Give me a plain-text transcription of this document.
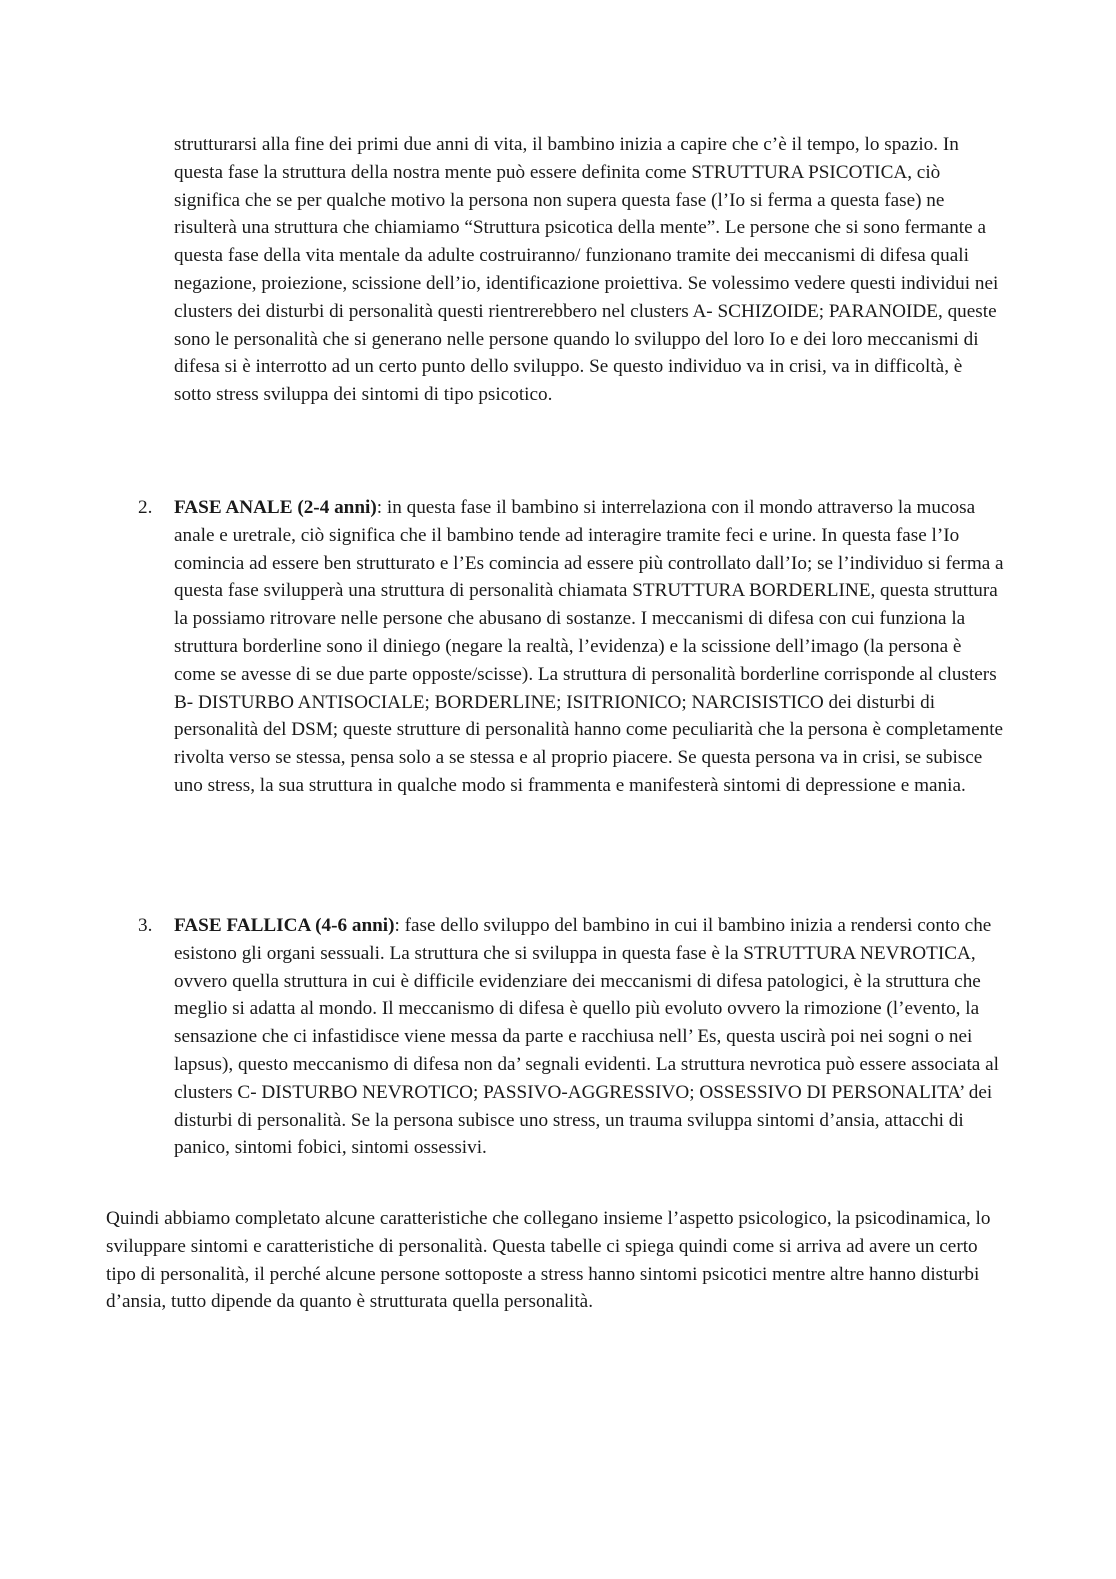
strutturarsi alla fine dei primi due anni di vita, il bambino inizia a capire che c’è il tempo, lo spazio. In questa fase la struttura della nostra mente può essere definita come STRUTTURA PSICOTICA, ciò significa che se per qualche motivo la persona non supera questa fase (l’Io si ferma a questa fase) ne risulterà una struttura che chiamiamo “Struttura psicotica della mente”. Le persone che si sono fermante a questa fase della vita mentale da adulte costruiranno/ funzionano tramite dei meccanismi di difesa quali negazione, proiezione, scissione dell’io, identificazione proiettiva. Se volessimo vedere questi individui nei clusters dei disturbi di personalità questi rientrerebbero nel clusters A- SCHIZOIDE; PARANOIDE, queste sono le personalità che si generano nelle persone quando lo sviluppo del loro Io e dei loro meccanismi di difesa si è interrotto ad un certo punto dello sviluppo. Se questo individuo va in crisi, va in difficoltà, è sotto stress sviluppa dei sintomi di tipo psicotico.

2.	FASE ANALE (2-4 anni): in questa fase il bambino si interrelaziona con il mondo attraverso la mucosa anale e uretrale, ciò significa che il bambino tende ad interagire tramite feci e urine. In questa fase l’Io comincia ad essere ben strutturato e l’Es comincia ad essere più controllato dall’Io; se l’individuo si ferma a questa fase svilupperà una struttura di personalità chiamata STRUTTURA BORDERLINE, questa struttura la possiamo ritrovare nelle persone che abusano di sostanze. I meccanismi di difesa con cui funziona la struttura borderline sono il diniego (negare la realtà, l’evidenza) e la scissione dell’imago (la persona è come se avesse di se due parte opposte/scisse). La struttura di personalità borderline corrisponde al clusters B- DISTURBO ANTISOCIALE; BORDERLINE; ISITRIONICO; NARCISISTICO dei disturbi di personalità del DSM; queste strutture di personalità hanno come peculiarità che la persona è completamente rivolta verso se stessa, pensa solo a se stessa e al proprio piacere. Se questa persona va in crisi, se subisce uno stress, la sua struttura in qualche modo si frammenta e manifesterà sintomi di depressione e mania.

3.	FASE FALLICA (4-6 anni): fase dello sviluppo del bambino in cui il bambino inizia a rendersi conto che esistono gli organi sessuali. La struttura che si sviluppa in questa fase è la STRUTTURA NEVROTICA, ovvero quella struttura in cui è difficile evidenziare dei meccanismi di difesa patologici, è la struttura che meglio si adatta al mondo. Il meccanismo di difesa è quello più evoluto ovvero la rimozione (l’evento, la sensazione che ci infastidisce viene messa da parte e racchiusa nell’ Es, questa uscirà poi nei sogni o nei lapsus), questo meccanismo di difesa non da’ segnali evidenti. La struttura nevrotica può essere associata al clusters C- DISTURBO NEVROTICO; PASSIVO-AGGRESSIVO; OSSESSIVO DI PERSONALITA’ dei disturbi di personalità. Se la persona subisce uno stress, un trauma sviluppa sintomi d’ansia, attacchi di panico, sintomi fobici, sintomi ossessivi.

Quindi abbiamo completato alcune caratteristiche che collegano insieme l’aspetto psicologico, la psicodinamica, lo sviluppare sintomi e caratteristiche di personalità. Questa tabelle ci spiega quindi come si arriva ad avere un certo tipo di personalità, il perché alcune persone sottoposte a stress hanno sintomi psicotici mentre altre hanno disturbi d’ansia, tutto dipende da quanto è strutturata quella personalità.
